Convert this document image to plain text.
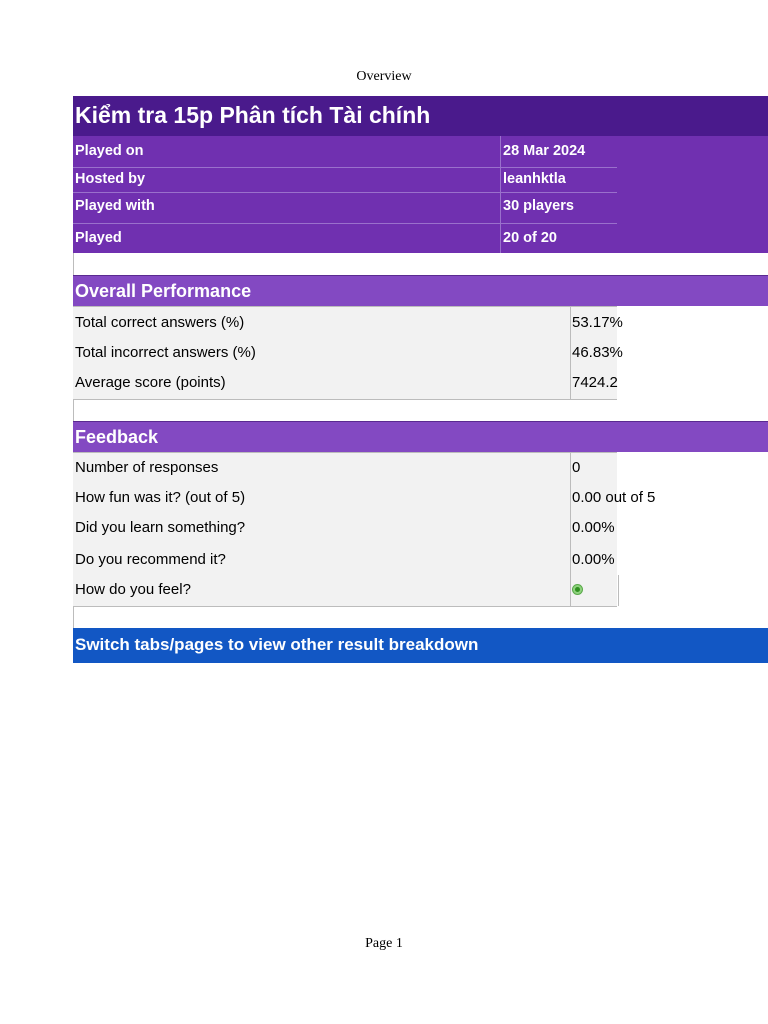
Overview
Kiểm tra 15p Phân tích Tài chính
Played on	28 Mar 2024
Hosted by	leanhktla
Played with	30 players
Played	20 of 20
Overall Performance
Total correct answers (%)	53.17%
Total incorrect answers (%)	46.83%
Average score (points)	7424.2
Feedback
Number of responses	0
How fun was it? (out of 5)	0.00 out of 5
Did you learn something?	0.00%
Do you recommend it?	0.00%
How do you feel?
Switch tabs/pages to view other result breakdown
Page 1
